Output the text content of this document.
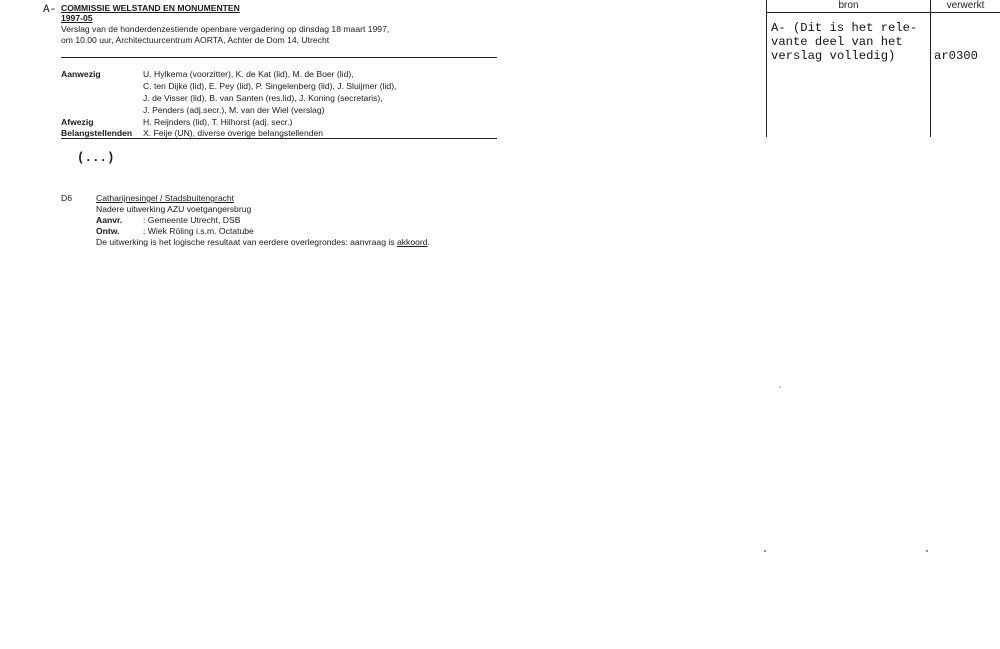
A- COMMISSIE WELSTAND EN MONUMENTEN
1997-05
Verslag van de honderdenzestiende openbare vergadering op dinsdag 18 maart 1997,
om 10.00 uur, Architectuurcentrum AORTA, Achter de Dom 14, Utrecht
Aanwezig	U. Hylkema (voorzitter), K. de Kat (lid), M. de Boer (lid),
C. ten Dijke (lid), E. Pey (lid), P. Singelenberg (lid), J. Sluijmer (lid),
J. de Visser (lid), B. van Santen (res.lid), J. Koning (secretaris),
J. Penders (adj.secr.), M. van der Wiel (verslag)
Afwezig	H. Reijnders (lid), T. Hilhorst (adj. secr.)
Belangstellenden X. Feije (UN), diverse overige belangstellenden
(...)
D6	Catharijnesingel / Stadsbuitengracht
Nadere uitwerking AZU voetgangersbrug
Aanvr. : Gemeente Utrecht, DSB
Ontw.	: Wiek Röling i.s.m. Octatube
De uitwerking is het logische resultaat van eerdere overlegrondes: aanvraag is akkoord.
bron	verwerkt
A- (Dit is het rele-
vante deel van het
verslag volledig)	ar0300
